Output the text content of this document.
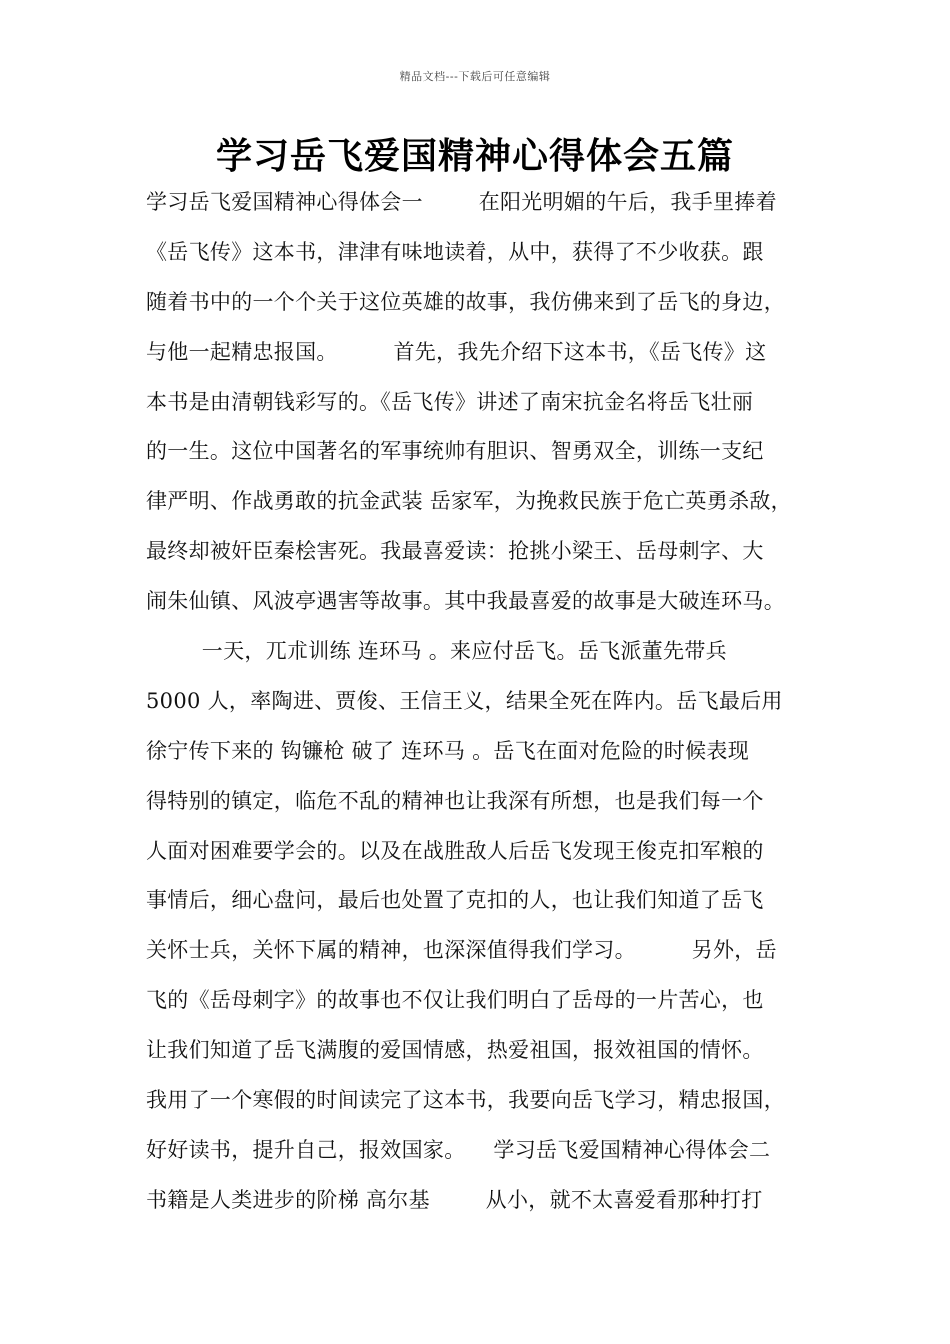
精品文档---下载后可任意编辑
学习岳飞爱国精神心得体会五篇
学习岳飞爱国精神心得体会一        在阳光明媚的午后，我手里捧着
《岳飞传》这本书，津津有味地读着，从中，获得了不少收获。跟
随着书中的一个个关于这位英雄的故事，我仿佛来到了岳飞的身边，
与他一起精忠报国。        首先，我先介绍下这本书，《岳飞传》这
本书是由清朝钱彩写的。《岳飞传》讲述了南宋抗金名将岳飞壮丽
的一生。这位中国著名的军事统帅有胆识、智勇双全，训练一支纪
律严明、作战勇敢的抗金武装 岳家军，为挽救民族于危亡英勇杀敌，
最终却被奸臣秦桧害死。我最喜爱读：抢挑小梁王、岳母刺字、大
闹朱仙镇、风波亭遇害等故事。其中我最喜爱的故事是大破连环马。
一天，兀朮训练 连环马 。来应付岳飞。岳飞派董先带兵
5000 人，率陶进、贾俊、王信王义，结果全死在阵内。岳飞最后用
徐宁传下来的 钩镰枪 破了 连环马 。岳飞在面对危险的时候表现
得特别的镇定，临危不乱的精神也让我深有所想，也是我们每一个
人面对困难要学会的。以及在战胜敌人后岳飞发现王俊克扣军粮的
事情后，细心盘问，最后也处置了克扣的人，也让我们知道了岳飞
关怀士兵，关怀下属的精神，也深深值得我们学习。        另外，岳
飞的《岳母刺字》的故事也不仅让我们明白了岳母的一片苦心，也
让我们知道了岳飞满腹的爱国情感，热爱祖国，报效祖国的情怀。
我用了一个寒假的时间读完了这本书，我要向岳飞学习，精忠报国，
好好读书，提升自己，报效国家。    学习岳飞爱国精神心得体会二
书籍是人类进步的阶梯 高尔基        从小，就不太喜爱看那种打打
